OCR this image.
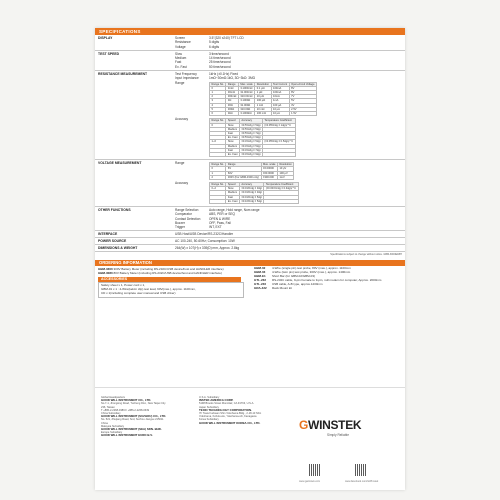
SPECIFICATIONS
DISPLAY	Screen	3.5"(320 x240) TFT LCD
Resistance	5 digits
Voltage	6 digits
TEST SPEED	Slow	3 time/second
Medium	14 time/second
Fast	25 time/second
Ex. Fast	50 time/second
RESISTANCE MEASUREMENT	Test Frequency	1kHz (±0.1Hz) Fixed
Input Impedance	1mΩ~30mΩ:1kΩ, 3Ω~3kΩ: 3MΩ
Range	Range No.	Range	Max. scale	Resolution	Test Current	Open-circuit Voltage
0	3mΩ	3.1000mΩ	0.1 μΩ	100mA	8V
1	30mΩ	31.000mΩ	1 μΩ	100mA	8V
2	300mΩ	310.00mΩ	10 μΩ	10mA	7V
3	3Ω	3.1000Ω	100 μΩ	1mA	5V
4	30Ω	31.000Ω	1 mΩ	100 μA	3V
5	300Ω	310.00Ω	10 mΩ	10 μA	2.5V
6	3kΩ	3.1000kΩ	100 mΩ	10 μA	1.5V
Accuracy	Range No.	Speed	Accuracy	Temperature Coefficient
0	Slow	±0.5%rdg ± 5dgt	(±0.05%rdg ± 1dgt)/ °C
	Medium	±0.5%rdg ± 5dgt	
	Fast	±0.5%rdg ± 7dgt	
	Ex. Fast	±0.5%rdg ± 9dgt	
1~6	Slow	±0.4%rdg ± 5dgt	(±0.05%rdg ± 0.5dgt)/ °C
	Medium	±0.4%rdg ± 5dgt	
	Fast	±0.4%rdg ± 7dgt	
	Ex. Fast	±0.4%rdg ± 9dgt	
VOLTAGE MEASUREMENT	Range	Range No.	Range	Max. scale	Resolution
0	6V	±6.00000	10 μV
1	60V	±60.0000	100 μV
2	300V (For GBM-3300 only)	±300.000	1mV
Accuracy	Range No.	Speed	Accuracy	Temperature Coefficient
0~2	Slow	±0.01%rdg ± 3dgt	(±0.001%rdg ± 0.3dgt)/ °C
	Medium	±0.01%rdg ± 3dgt	
	Fast	±0.01%rdg ± 5dgt	
	Ex. Fast	±0.10%rdg ± 5dgt	
OTHER FUNCTIONS	Range Selection	Auto range, Hold range, Nom range
Comparator	ABS, PER or SEQ
Contact Detection	OPEN & WIRE
Buzzer	OFF, Pass, Fail
Trigger	INT, EXT
INTERFACE	USB Host/USB Device/RS-232C/Handler
POWER SOURCE	AC 100-240, 50-60Hz; Consumption: 10W
DIMENSIONS & WEIGHT	264(W) x 107(H) x 339(D) mm, Approx. 2.8kg
Specifications subject to change without notice. GBM-3000E1BH
ORDERING INFORMATION
GBM-3300 300V Battery Meter (including RS-232C/USB device/host and HANDLER interface)
GBM-3080 80V Battery Meter (including RS-232C/USB device/host and HANDLER interface)
ACCESSORIES
Safety sheet x 1, Power cord x 1,
GBM-01 x 1 : 4-Wire(kelvin clip) test lead, 90V(max.), approx. 1100mm,
CD x 1(including complete user manual and USB driver)
GBM-02 4-Wire (single pin) test probe, 80V (max.), approx. 1100mm
GBM-03 4-Wire (twin pin) test probe, 300V (max.), approx. 1400mm
GBM-E1 Short Bar (for GBM-02/GBM-03)
GTL-232 RS-232C cable, 9-pin Female to 9-pin, null modem for computer, Approx. 2000mm
GTL-246 USB cable, A-B type, approx.1200mm
GRA-422 Rack Mount kit
Global Headquarters
GOOD WILL INSTRUMENT CO., LTD.
No.7-1, Jhongsing Road, Tucheng Dist., New Taipei City 236, Taiwan
T +886-2-2268-0389 F +886-2-2268-0639
China Subsidiary
GOOD WILL INSTRUMENT (SUZHOU) CO., LTD.
No. 521, Zhujiang Road, Snd, Suzhou Jiangsu 215011 China
Malaysia Subsidiary
GOOD WILL INSTRUMENT (SEA) SDN. BHD.
Europe Subsidiary
GOOD WILL INSTRUMENT EURO B.V.
U.S.A. Subsidiary
INSTEK AMERICA CORP.
5198 Brooks Street Montclair, CA 91763, U.S.A.
Japan Subsidiary
TEXIO TECHNOLOGY CORPORATION.
7F Towa Fudosan Shin Yokohama Bldg., 2-18-13 Shin Yokohama, Kohoku-ku, Yokohama-shi, Kanagawa
Korea Subsidiary
GOOD WILL INSTRUMENT KOREA CO., LTD.	GWINSTEK
Simply Reliable
www.gwinstek.com	www.facebook.com/GWInstek
